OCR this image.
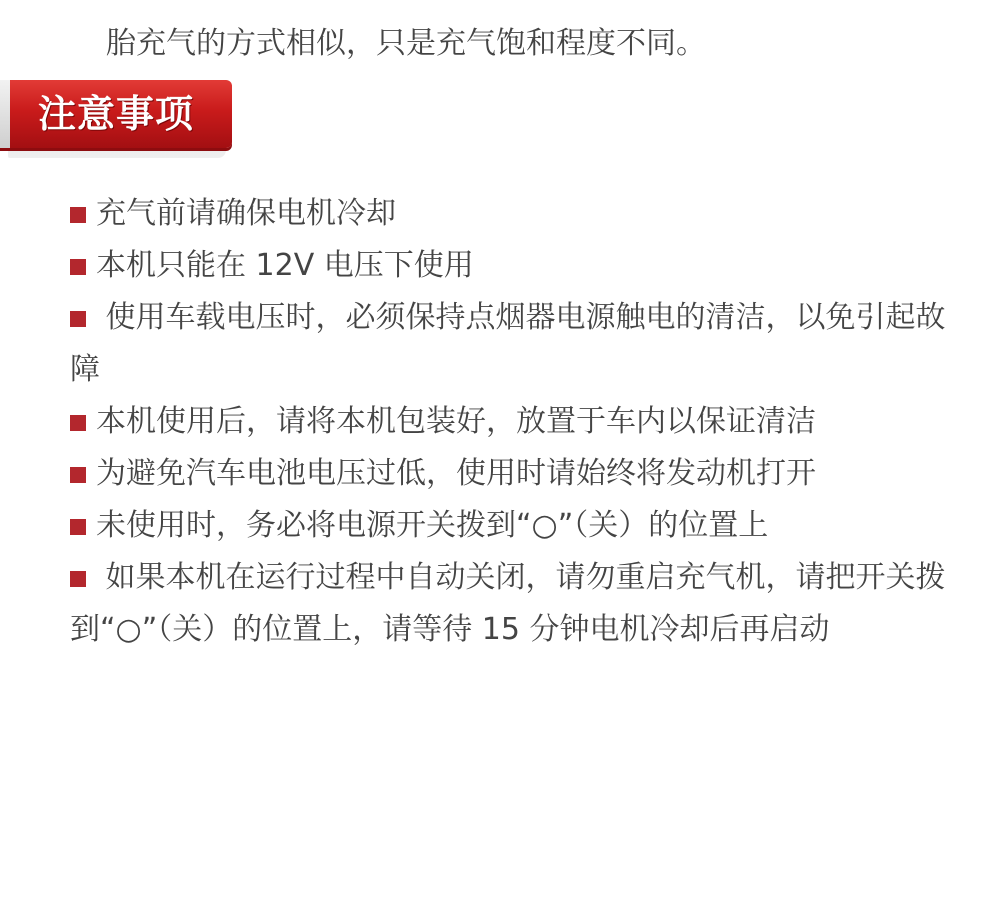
胎充气的方式相似，只是充气饱和程度不同。
注意事项
充气前请确保电机冷却
本机只能在 12V 电压下使用
使用车载电压时，必须保持点烟器电源触电的清洁，以免引起故障
本机使用后，请将本机包装好，放置于车内以保证清洁
为避免汽车电池电压过低，使用时请始终将发动机打开
未使用时，务必将电源开关拨到“○”（关）的位置上
如果本机在运行过程中自动关闭，请勿重启充气机，请把开关拨到“○”（关）的位置上，请等待 15 分钟电机冷却后再启动
